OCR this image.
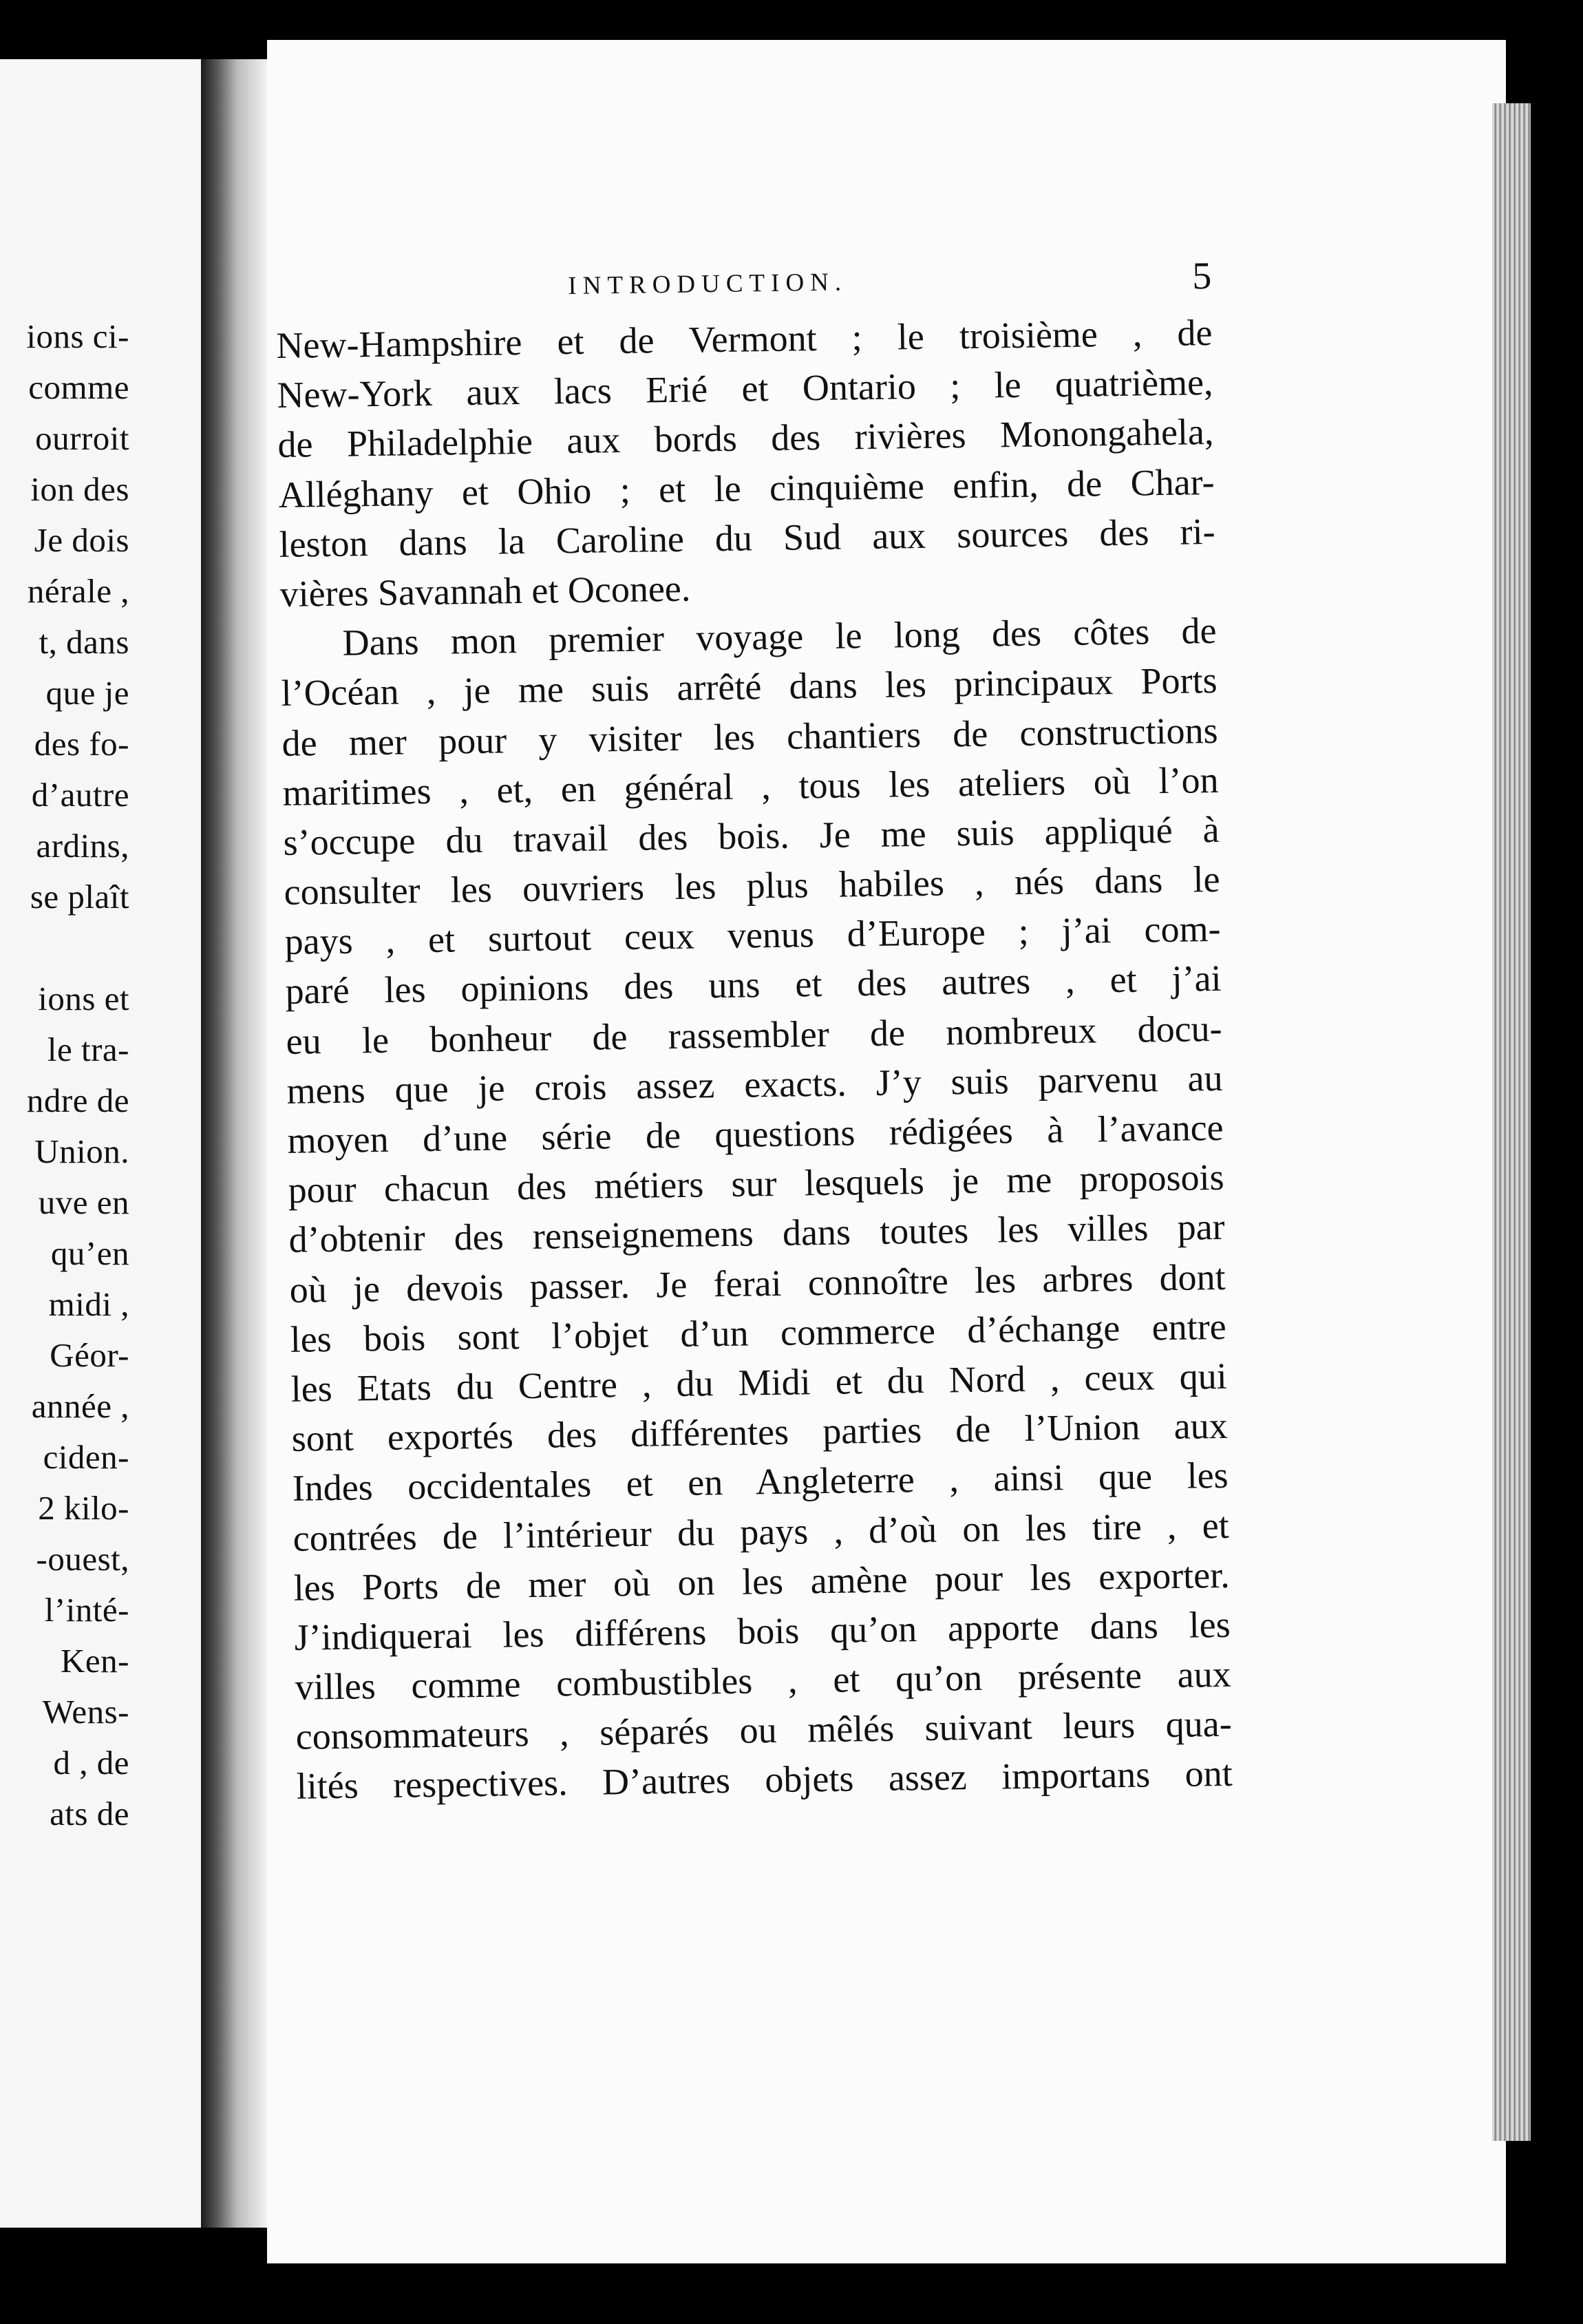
ions ci-
comme
ourroit
ion des
Je dois
nérale ,
t, dans
que je
des fo-
d’autre
ardins,
se plaît
ions et
le tra-
ndre de
Union.
uve en
qu’en
midi ,
Géor-
année ,
ciden-
2 kilo-
-ouest,
l’inté-
Ken-
Wens-
d , de
ats de
INTRODUCTION.	5
New-Hampshire et de Vermont ; le troisième , de
New-York aux lacs Erié et Ontario ; le quatrième,
de Philadelphie aux bords des rivières Monongahela,
Alléghany et Ohio ; et le cinquième enfin, de Char-
leston dans la Caroline du Sud aux sources des ri-
vières Savannah et Oconee.
Dans mon premier voyage le long des côtes de
l’Océan , je me suis arrêté dans les principaux Ports
de mer pour y visiter les chantiers de constructions
maritimes , et, en général , tous les ateliers où l’on
s’occupe du travail des bois. Je me suis appliqué à
consulter les ouvriers les plus habiles , nés dans le
pays , et surtout ceux venus d’Europe ; j’ai com-
paré les opinions des uns et des autres , et j’ai
eu le bonheur de rassembler de nombreux docu-
mens que je crois assez exacts. J’y suis parvenu au
moyen d’une série de questions rédigées à l’avance
pour chacun des métiers sur lesquels je me proposois
d’obtenir des renseignemens dans toutes les villes par
où je devois passer. Je ferai connoître les arbres dont
les bois sont l’objet d’un commerce d’échange entre
les Etats du Centre , du Midi et du Nord , ceux qui
sont exportés des différentes parties de l’Union aux
Indes occidentales et en Angleterre , ainsi que les
contrées de l’intérieur du pays , d’où on les tire , et
les Ports de mer où on les amène pour les exporter.
J’indiquerai les différens bois qu’on apporte dans les
villes comme combustibles , et qu’on présente aux
consommateurs , séparés ou mêlés suivant leurs qua-
lités respectives. D’autres objets assez importans ont
